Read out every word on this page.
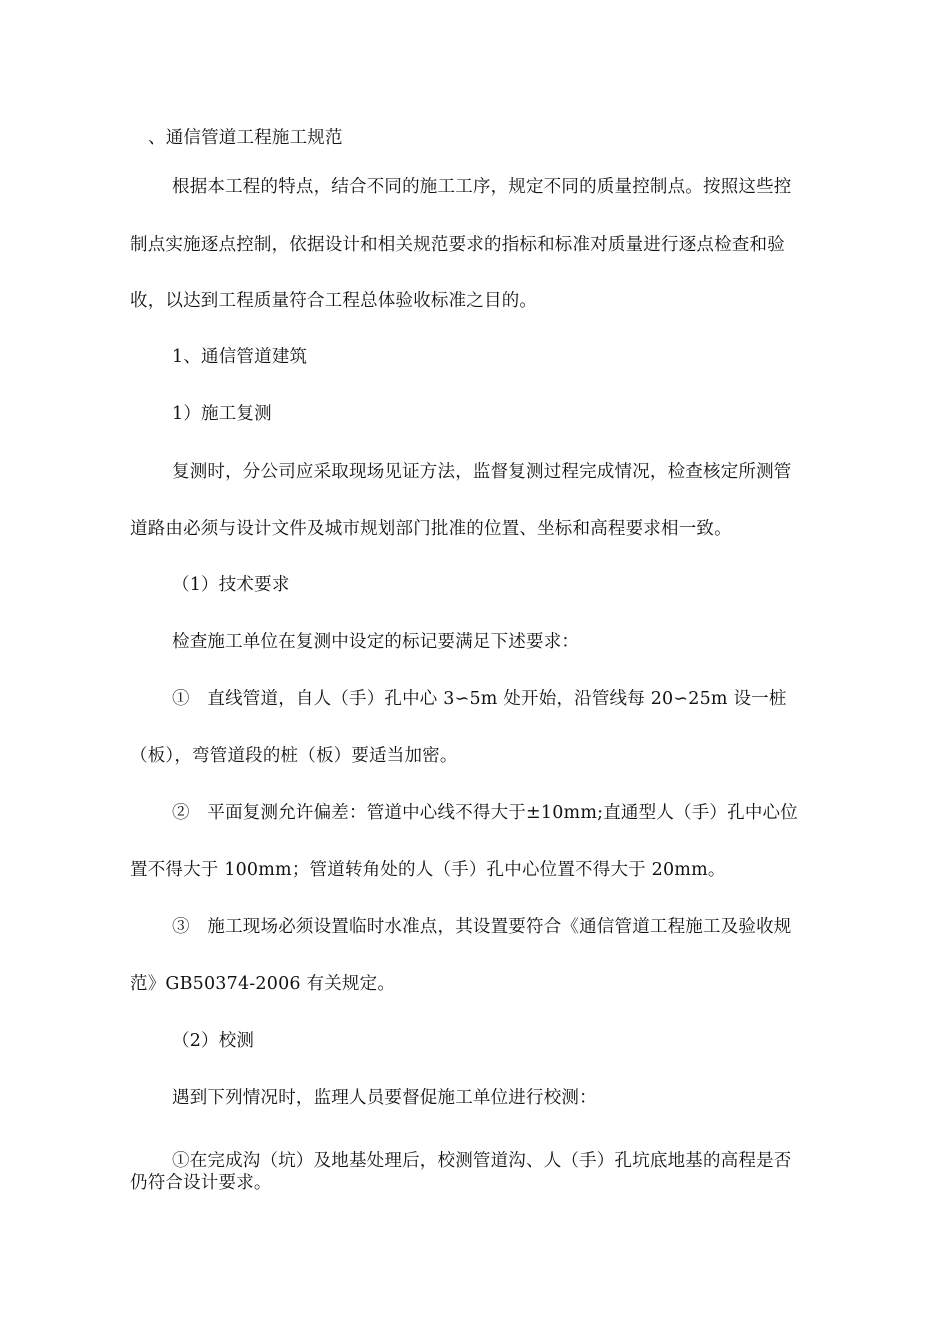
、通信管道工程施工规范

根据本工程的特点，结合不同的施工工序，规定不同的质量控制点。按照这些控

制点实施逐点控制，依据设计和相关规范要求的指标和标准对质量进行逐点检查和验

收，以达到工程质量符合工程总体验收标准之目的。

1、通信管道建筑

1）施工复测

复测时，分公司应采取现场见证方法，监督复测过程完成情况，检查核定所测管

道路由必须与设计文件及城市规划部门批准的位置、坐标和高程要求相一致。

（1）技术要求

检查施工单位在复测中设定的标记要满足下述要求：

①　直线管道，自人（手）孔中心 3∽5m 处开始，沿管线每 20∽25m 设一桩

（板），弯管道段的桩（板）要适当加密。

②　平面复测允许偏差：管道中心线不得大于±10mm;直通型人（手）孔中心位

置不得大于 100mm；管道转角处的人（手）孔中心位置不得大于 20mm。

③　施工现场必须设置临时水准点，其设置要符合《通信管道工程施工及验收规

范》GB50374-2006 有关规定。

（2）校测

遇到下列情况时，监理人员要督促施工单位进行校测：

①在完成沟（坑）及地基处理后，校测管道沟、人（手）孔坑底地基的高程是否

仍符合设计要求。
